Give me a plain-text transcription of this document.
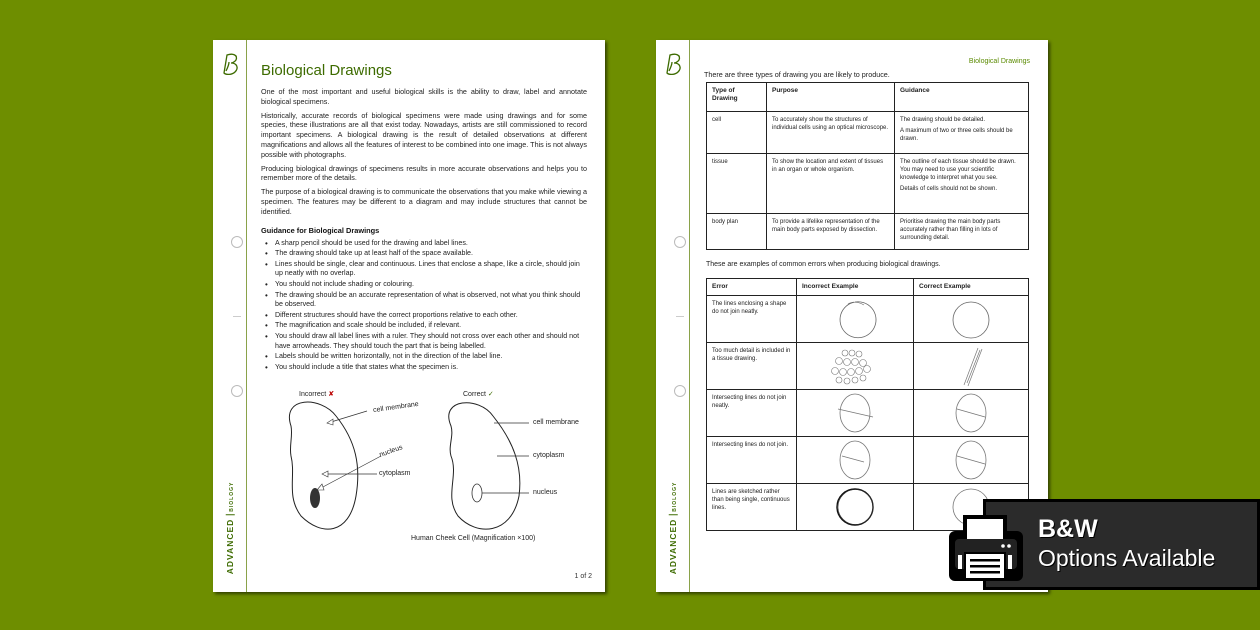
ADVANCEDBIOLOGY
Biological Drawings

One of the most important and useful biological skills is the ability to draw, label and annotate biological specimens.

Historically, accurate records of biological specimens were made using drawings and for some species, these illustrations are all that exist today. Nowadays, artists are still commissioned to record important specimens. A biological drawing is the result of detailed observations at different magnifications and allows all the features of interest to be combined into one image. This is not always possible with photographs.

Producing biological drawings of specimens results in more accurate observations and helps you to remember more of the details.

The purpose of a biological drawing is to communicate the observations that you make while viewing a specimen. The features may be different to a diagram and may include structures that cannot be identified.

Guidance for Biological Drawings
• A sharp pencil should be used for the drawing and label lines.
• The drawing should take up at least half of the space available.
• Lines should be single, clear and continuous. Lines that enclose a shape, like a circle, should join up neatly with no overlap.
• You should not include shading or colouring.
• The drawing should be an accurate representation of what is observed, not what you think should be observed.
• Different structures should have the correct proportions relative to each other.
• The magnification and scale should be included, if relevant.
• You should draw all label lines with a ruler. They should not cross over each other and should not have arrowheads. They should touch the part that is being labelled.
• Labels should be written horizontally, not in the direction of the label line.
• You should include a title that states what the specimen is.
Incorrect ✘	Correct ✓
cell membrane
nucleus
cytoplasm
cell membrane
cytoplasm
nucleus
Human Cheek Cell (Magnification ×100)
1 of 2
ADVANCEDBIOLOGY
Biological Drawings
There are three types of drawing you are likely to produce.
Type of Drawing	Purpose	Guidance
cell	To accurately show the structures of individual cells using an optical microscope.	The drawing should be detailed.

A maximum of two or three cells should be drawn.

tissue	To show the location and extent of tissues in an organ or whole organism.	The outline of each tissue should be drawn. You may need to use your scientific knowledge to interpret what you see.

Details of cells should not be shown.

body plan	To provide a lifelike representation of the main body parts exposed by dissection.	Prioritise drawing the main body parts accurately rather than filling in lots of surrounding detail.

These are examples of common errors when producing biological drawings.
Error	Incorrect Example	Correct Example
The lines enclosing a shape do not join neatly.	

Too much detail is included in a tissue drawing.	

Intersecting lines do not join neatly.	

Intersecting lines do not join.	

Lines are sketched rather than being single, continuous lines.	

B&W
Options Available
